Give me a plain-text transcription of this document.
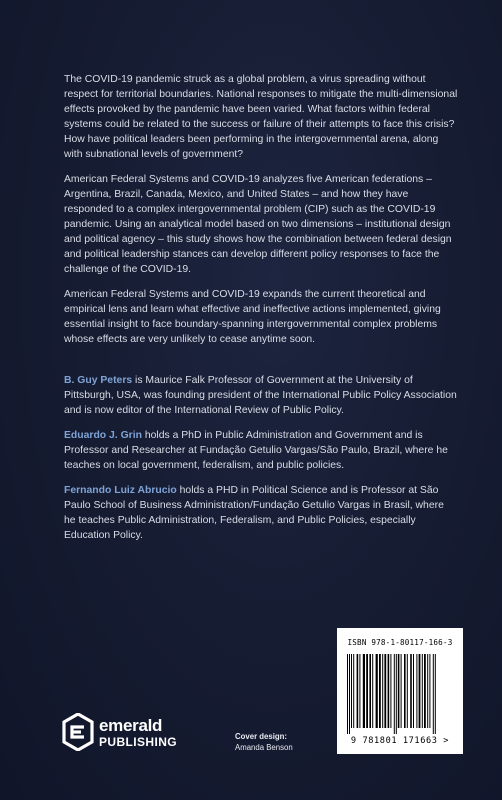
The COVID-19 pandemic struck as a global problem, a virus spreading without respect for territorial boundaries. National responses to mitigate the multi-dimensional effects provoked by the pandemic have been varied. What factors within federal systems could be related to the success or failure of their attempts to face this crisis? How have political leaders been performing in the intergovernmental arena, along with subnational levels of government?

American Federal Systems and COVID-19 analyzes five American federations – Argentina, Brazil, Canada, Mexico, and United States – and how they have responded to a complex intergovernmental problem (CIP) such as the COVID-19 pandemic. Using an analytical model based on two dimensions – institutional design and political agency – this study shows how the combination between federal design and political leadership stances can develop different policy responses to face the challenge of the COVID-19.

American Federal Systems and COVID-19 expands the current theoretical and empirical lens and learn what effective and ineffective actions implemented, giving essential insight to face boundary-spanning intergovernmental complex problems whose effects are very unlikely to cease anytime soon.

B. Guy Peters is Maurice Falk Professor of Government at the University of Pittsburgh, USA, was founding president of the International Public Policy Association and is now editor of the International Review of Public Policy.

Eduardo J. Grin holds a PhD in Public Administration and Government and is Professor and Researcher at Fundação Getulio Vargas/São Paulo, Brazil, where he teaches on local government, federalism, and public policies.

Fernando Luiz Abrucio holds a PHD in Political Science and is Professor at São Paulo School of Business Administration/Fundação Getulio Vargas in Brasil, where he teaches Public Administration, Federalism, and Public Policies, especially Education Policy.

ISBN 978-1-80117-166-3
9 781801 171663 >
emerald
PUBLISHING	Cover design:
Amanda Benson
